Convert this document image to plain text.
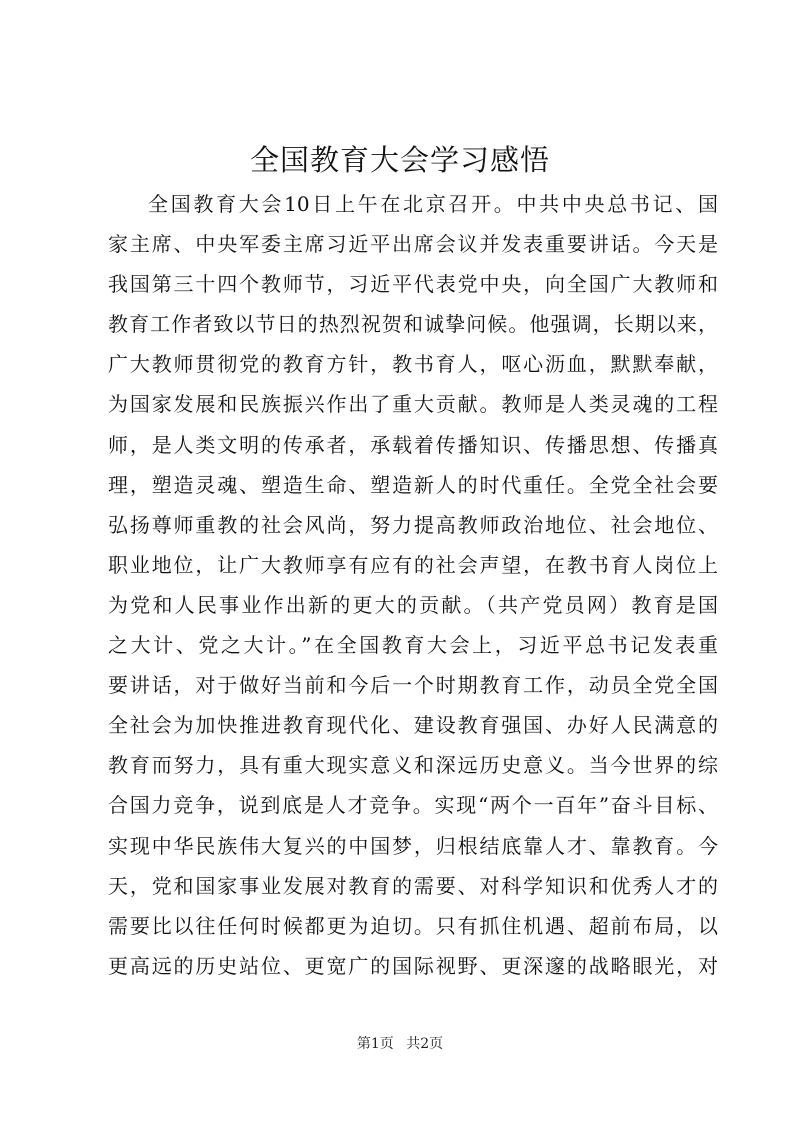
全国教育大会学习感悟
全国教育大会10日上午在北京召开。中共中央总书记、国
家主席、中央军委主席习近平出席会议并发表重要讲话。今天是
我国第三十四个教师节，习近平代表党中央，向全国广大教师和
教育工作者致以节日的热烈祝贺和诚挚问候。他强调，长期以来，
广大教师贯彻党的教育方针，教书育人，呕心沥血，默默奉献，
为国家发展和民族振兴作出了重大贡献。教师是人类灵魂的工程
师，是人类文明的传承者，承载着传播知识、传播思想、传播真
理，塑造灵魂、塑造生命、塑造新人的时代重任。全党全社会要
弘扬尊师重教的社会风尚，努力提高教师政治地位、社会地位、
职业地位，让广大教师享有应有的社会声望，在教书育人岗位上
为党和人民事业作出新的更大的贡献。（共产党员网）教育是国
之大计、党之大计。”在全国教育大会上，习近平总书记发表重
要讲话，对于做好当前和今后一个时期教育工作，动员全党全国
全社会为加快推进教育现代化、建设教育强国、办好人民满意的
教育而努力，具有重大现实意义和深远历史意义。当今世界的综
合国力竞争，说到底是人才竞争。实现“两个一百年”奋斗目标、
实现中华民族伟大复兴的中国梦，归根结底靠人才、靠教育。今
天，党和国家事业发展对教育的需要、对科学知识和优秀人才的
需要比以往任何时候都更为迫切。只有抓住机遇、超前布局，以
更高远的历史站位、更宽广的国际视野、更深邃的战略眼光，对
第1页 共2页
